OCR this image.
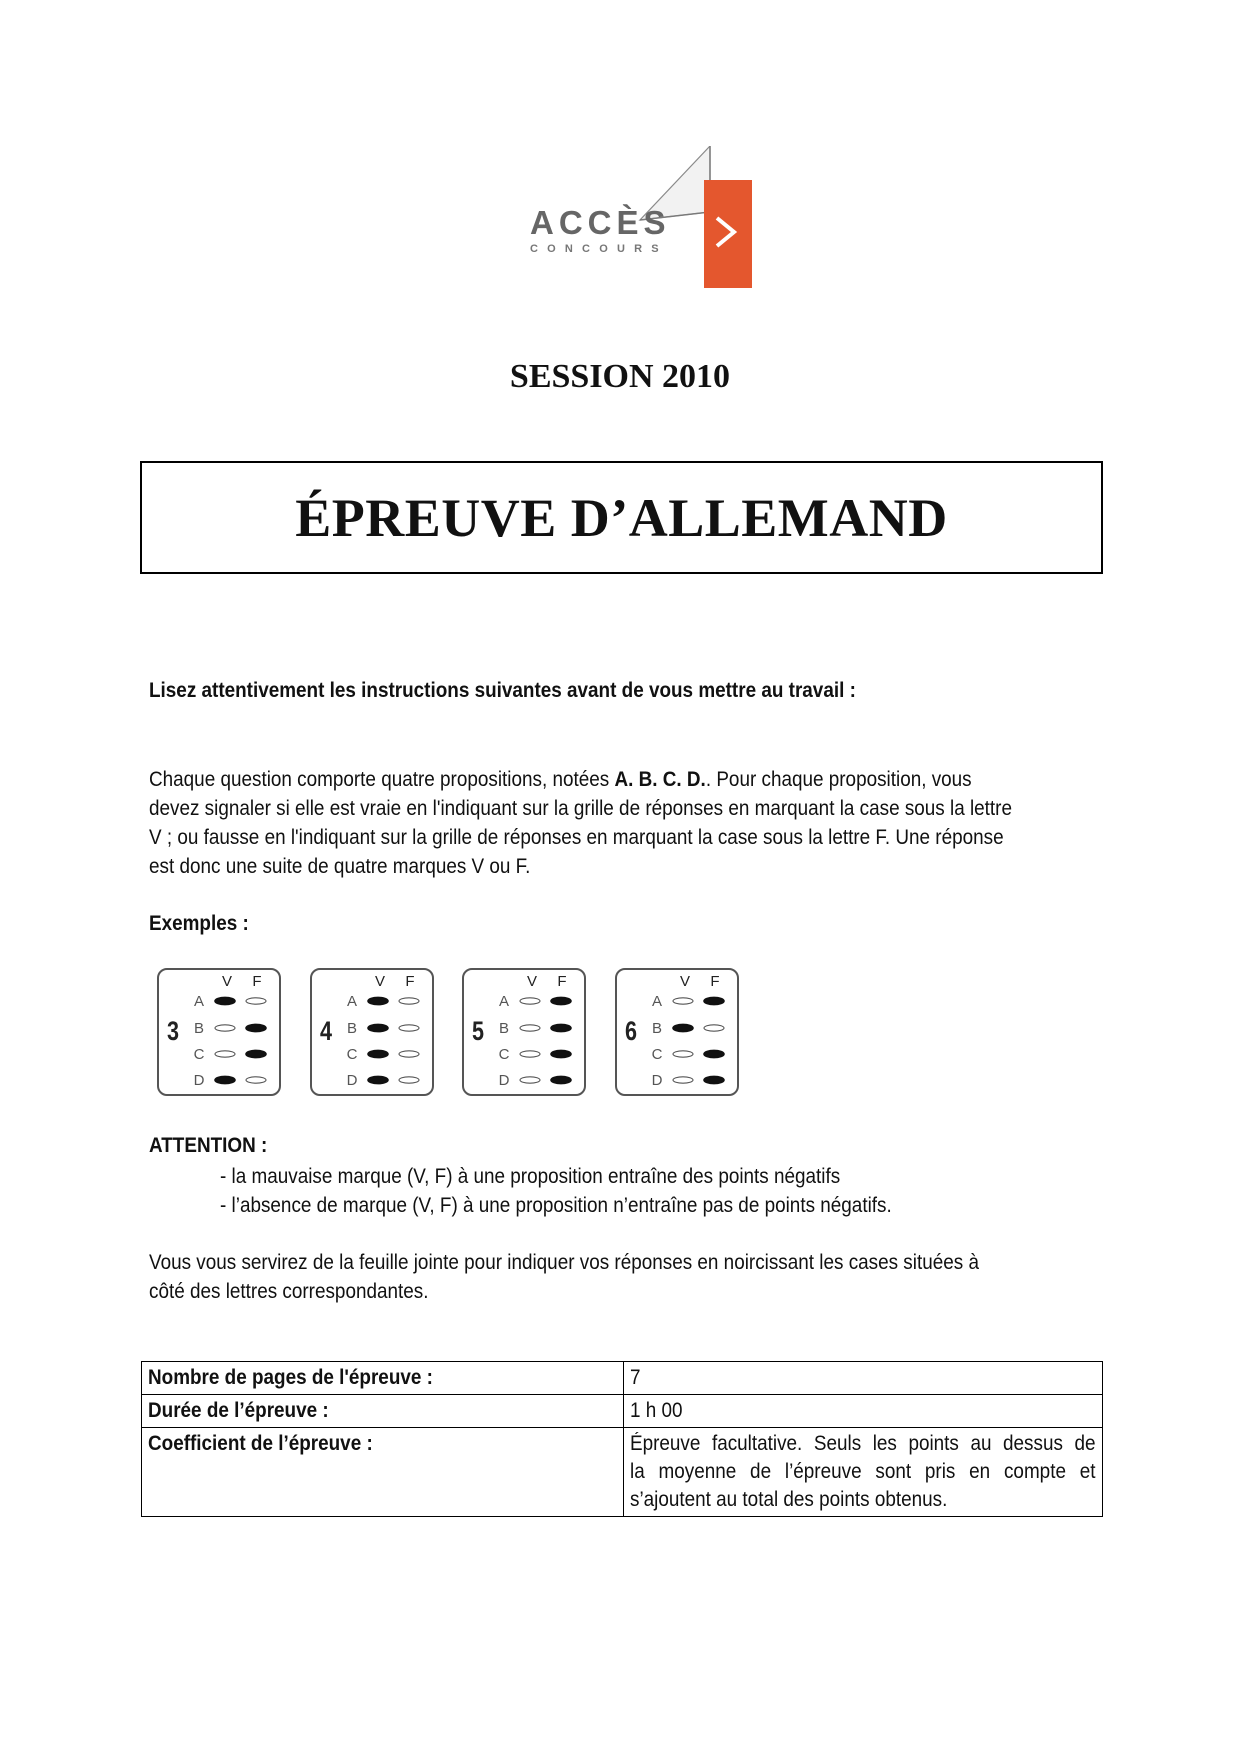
ACCÈS
CONCOURS
SESSION 2010
ÉPREUVE D’ALLEMAND
Lisez attentivement les instructions suivantes avant de vous mettre au travail :
Chaque question comporte quatre propositions, notées A. B. C. D.. Pour chaque proposition, vous
devez signaler si elle est vraie en l'indiquant sur la grille de réponses en marquant la case sous la lettre
V ; ou fausse en l'indiquant sur la grille de réponses en marquant la case sous la lettre F. Une réponse
est donc une suite de quatre marques V ou F.
Exemples :
V F
3
A
B
C
D
V F
4
A
B
C
D
V F
5
A
B
C
D
V F
6
A
B
C
D
ATTENTION :
- la mauvaise marque (V, F) à une proposition entraîne des points négatifs
- l’absence de marque (V, F) à une proposition n’entraîne pas de points négatifs.
Vous vous servirez de la feuille jointe pour indiquer vos réponses en noircissant les cases situées à
côté des lettres correspondantes.
Nombre de pages de l'épreuve :	7
Durée de l’épreuve :	1 h 00
Coefficient de l’épreuve :	Épreuve facultative. Seuls les points au dessus de
la moyenne de l’épreuve sont pris en compte et
s’ajoutent au total des points obtenus.
